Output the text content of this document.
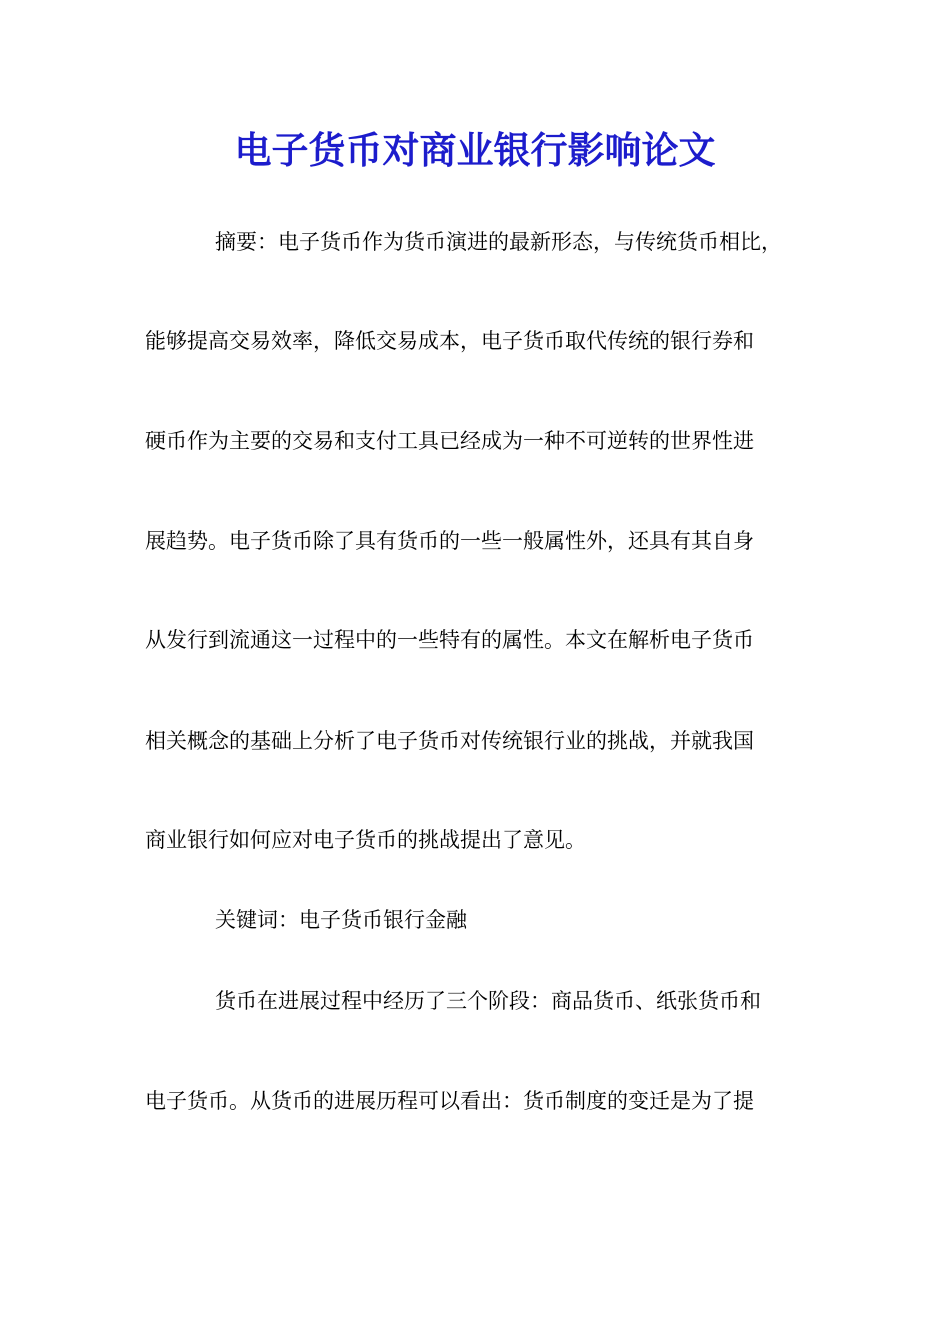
电子货币对商业银行影响论文
摘要：电子货币作为货币演进的最新形态，与传统货币相比，
能够提高交易效率，降低交易成本，电子货币取代传统的银行券和
硬币作为主要的交易和支付工具已经成为一种不可逆转的世界性进
展趋势。电子货币除了具有货币的一些一般属性外，还具有其自身
从发行到流通这一过程中的一些特有的属性。本文在解析电子货币
相关概念的基础上分析了电子货币对传统银行业的挑战，并就我国
商业银行如何应对电子货币的挑战提出了意见。
关键词：电子货币银行金融
货币在进展过程中经历了三个阶段：商品货币、纸张货币和
电子货币。从货币的进展历程可以看出：货币制度的变迁是为了提
